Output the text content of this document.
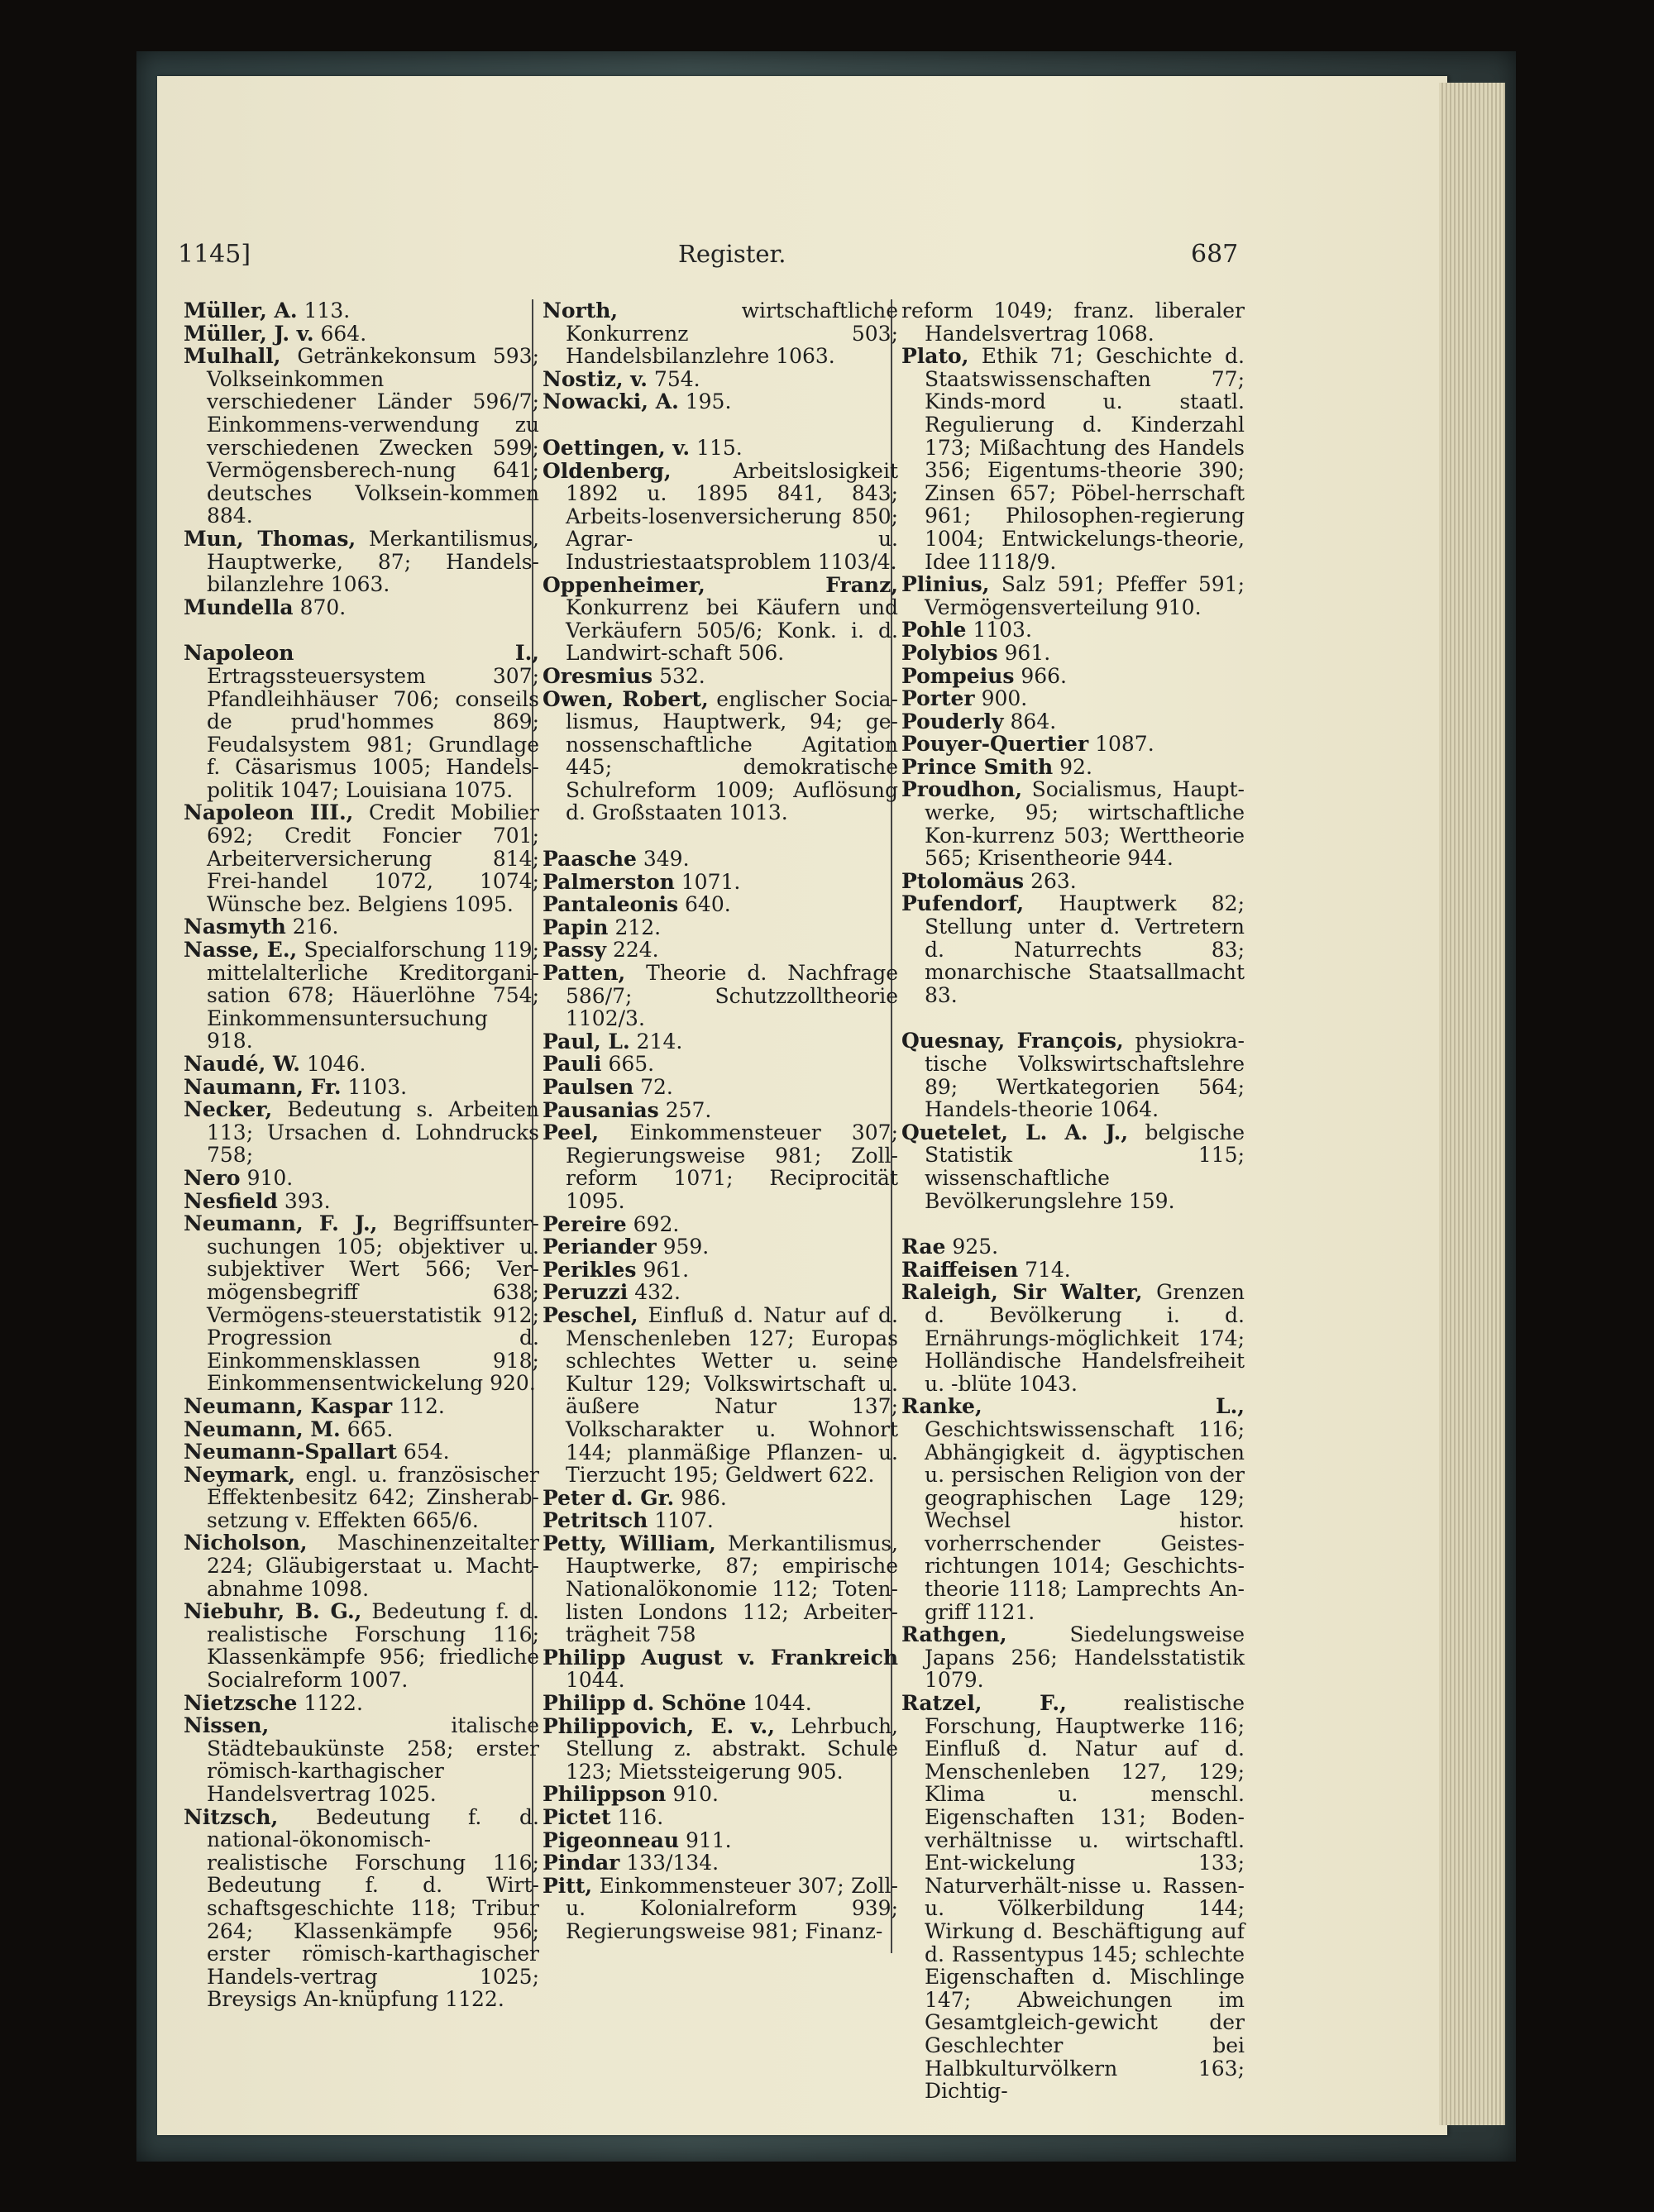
1145]	Register.	687

Müller, A. 113.

Müller, J. v. 664.

Mulhall, Getränkekonsum 593; Volkseinkommen verschiedener Länder 596/7; Einkommens-verwendung zu verschiedenen Zwecken 599; Vermögensberech-nung 641; deutsches Volksein-kommen 884.

Mun, Thomas, Merkantilismus, Hauptwerke, 87; Handels-bilanzlehre 1063.

Mundella 870.

Napoleon I., Ertragssteuersystem 307; Pfandleihhäuser 706; conseils de prud'hommes 869; Feudalsystem 981; Grundlage f. Cäsarismus 1005; Handels-politik 1047; Louisiana 1075.

Napoleon III., Credit Mobilier 692; Credit Foncier 701; Arbeiterversicherung 814; Frei-handel 1072, 1074; Wünsche bez. Belgiens 1095.

Nasmyth 216.

Nasse, E., Specialforschung 119; mittelalterliche Kreditorgani-sation 678; Häuerlöhne 754; Einkommensuntersuchung 918.

Naudé, W. 1046.

Naumann, Fr. 1103.

Necker, Bedeutung s. Arbeiten 113; Ursachen d. Lohndrucks 758;

Nero 910.

Nesfield 393.

Neumann, F. J., Begriffsunter-suchungen 105; objektiver u. subjektiver Wert 566; Ver-mögensbegriff 638; Vermögens-steuerstatistik 912; Progression d. Einkommensklassen 918; Einkommensentwickelung 920.

Neumann, Kaspar 112.

Neumann, M. 665.

Neumann-Spallart 654.

Neymark, engl. u. französischer Effektenbesitz 642; Zinsherab-setzung v. Effekten 665/6.

Nicholson, Maschinenzeitalter 224; Gläubigerstaat u. Macht-abnahme 1098.

Niebuhr, B. G., Bedeutung f. d. realistische Forschung 116; Klassenkämpfe 956; friedliche Socialreform 1007.

Nietzsche 1122.

Nissen,	italische Städtebaukünste 258; erster römisch-karthagischer Handelsvertrag 1025.

Nitzsch, Bedeutung f. d. national-ökonomisch-realistische Forschung 116; Bedeutung f. d. Wirt-schaftsgeschichte 118; Tribur 264; Klassenkämpfe 956; erster römisch-karthagischer Handels-vertrag 1025; Breysigs An-knüpfung 1122.

North,	wirtschaftliche Konkurrenz 503; Handelsbilanzlehre 1063.

Nostiz, v. 754.

Nowacki, A. 195.

Oettingen, v. 115.

Oldenberg,	Arbeitslosigkeit 1892 u. 1895 841, 843; Arbeits-losenversicherung 850; Agrar- u. Industriestaatsproblem 1103/4.

Oppenheimer, Franz, Konkurrenz bei Käufern und Verkäufern 505/6; Konk. i. d. Landwirt-schaft 506.

Oresmius 532.

Owen, Robert, englischer Socia-lismus, Hauptwerk, 94; ge-nossenschaftliche Agitation 445; demokratische Schulreform 1009; Auflösung d. Großstaaten 1013.

Paasche 349.

Palmerston 1071.

Pantaleonis 640.

Papin 212.

Passy 224.

Patten, Theorie d. Nachfrage 586/7; Schutzzolltheorie 1102/3.

Paul, L. 214.

Pauli 665.

Paulsen 72.

Pausanias 257.

Peel, Einkommensteuer 307; Regierungsweise 981; Zoll-reform 1071; Reciprocität 1095.

Pereire 692.

Periander 959.

Perikles 961.

Peruzzi 432.

Peschel, Einfluß d. Natur auf d. Menschenleben 127; Europas schlechtes Wetter u. seine Kultur 129; Volkswirtschaft u. äußere Natur 137; Volkscharakter u. Wohnort 144; planmäßige Pflanzen- u. Tierzucht 195; Geldwert 622.

Peter d. Gr. 986.

Petritsch 1107.

Petty, William, Merkantilismus, Hauptwerke, 87; empirische Nationalökonomie 112; Toten-listen Londons 112; Arbeiter-trägheit 758

Philipp August v. Frankreich 1044.

Philipp d. Schöne 1044.

Philippovich, E. v., Lehrbuch, Stellung z. abstrakt. Schule 123; Mietssteigerung 905.

Philippson 910.

Pictet 116.

Pigeonneau 911.

Pindar 133/134.

Pitt, Einkommensteuer 307; Zoll- u. Kolonialreform 939; Regierungsweise 981; Finanz-

reform 1049; franz. liberaler Handelsvertrag 1068.

Plato, Ethik 71; Geschichte d. Staatswissenschaften 77; Kinds-mord u. staatl. Regulierung d. Kinderzahl 173; Mißachtung des Handels 356; Eigentums-theorie 390; Zinsen 657; Pöbel-herrschaft 961; Philosophen-regierung 1004; Entwickelungs-theorie, Idee 1118/9.

Plinius, Salz 591; Pfeffer 591; Vermögensverteilung 910.

Pohle 1103.

Polybios 961.

Pompeius 966.

Porter 900.

Pouderly 864.

Pouyer-Quertier 1087.

Prince Smith 92.

Proudhon, Socialismus, Haupt-werke, 95; wirtschaftliche Kon-kurrenz 503; Werttheorie 565; Krisentheorie 944.

Ptolomäus 263.

Pufendorf, Hauptwerk 82; Stellung unter d. Vertretern d. Naturrechts 83; monarchische Staatsallmacht 83.

Quesnay, François, physiokra-tische Volkswirtschaftslehre 89; Wertkategorien 564; Handels-theorie 1064.

Quetelet, L. A. J., belgische Statistik 115; wissenschaftliche Bevölkerungslehre 159.

Rae 925.

Raiffeisen 714.

Raleigh, Sir Walter, Grenzen d. Bevölkerung i. d. Ernährungs-möglichkeit 174; Holländische Handelsfreiheit u. -blüte 1043.

Ranke, L., Geschichtswissenschaft 116; Abhängigkeit d. ägyptischen u. persischen Religion von der geographischen Lage 129; Wechsel histor. vorherrschender Geistes-richtungen 1014; Geschichts-theorie 1118; Lamprechts An-griff 1121.

Rathgen,	Siedelungsweise Japans 256; Handelsstatistik 1079.

Ratzel, F.,	realistische Forschung, Hauptwerke 116; Einfluß d. Natur auf d. Menschenleben 127, 129; Klima u. menschl. Eigenschaften 131; Boden-verhältnisse u. wirtschaftl. Ent-wickelung 133; Naturverhält-nisse u. Rassen- u. Völkerbildung 144; Wirkung d. Beschäftigung auf d. Rassentypus 145; schlechte Eigenschaften d. Mischlinge 147; Abweichungen im Gesamtgleich-gewicht der Geschlechter bei Halbkulturvölkern 163; Dichtig-
